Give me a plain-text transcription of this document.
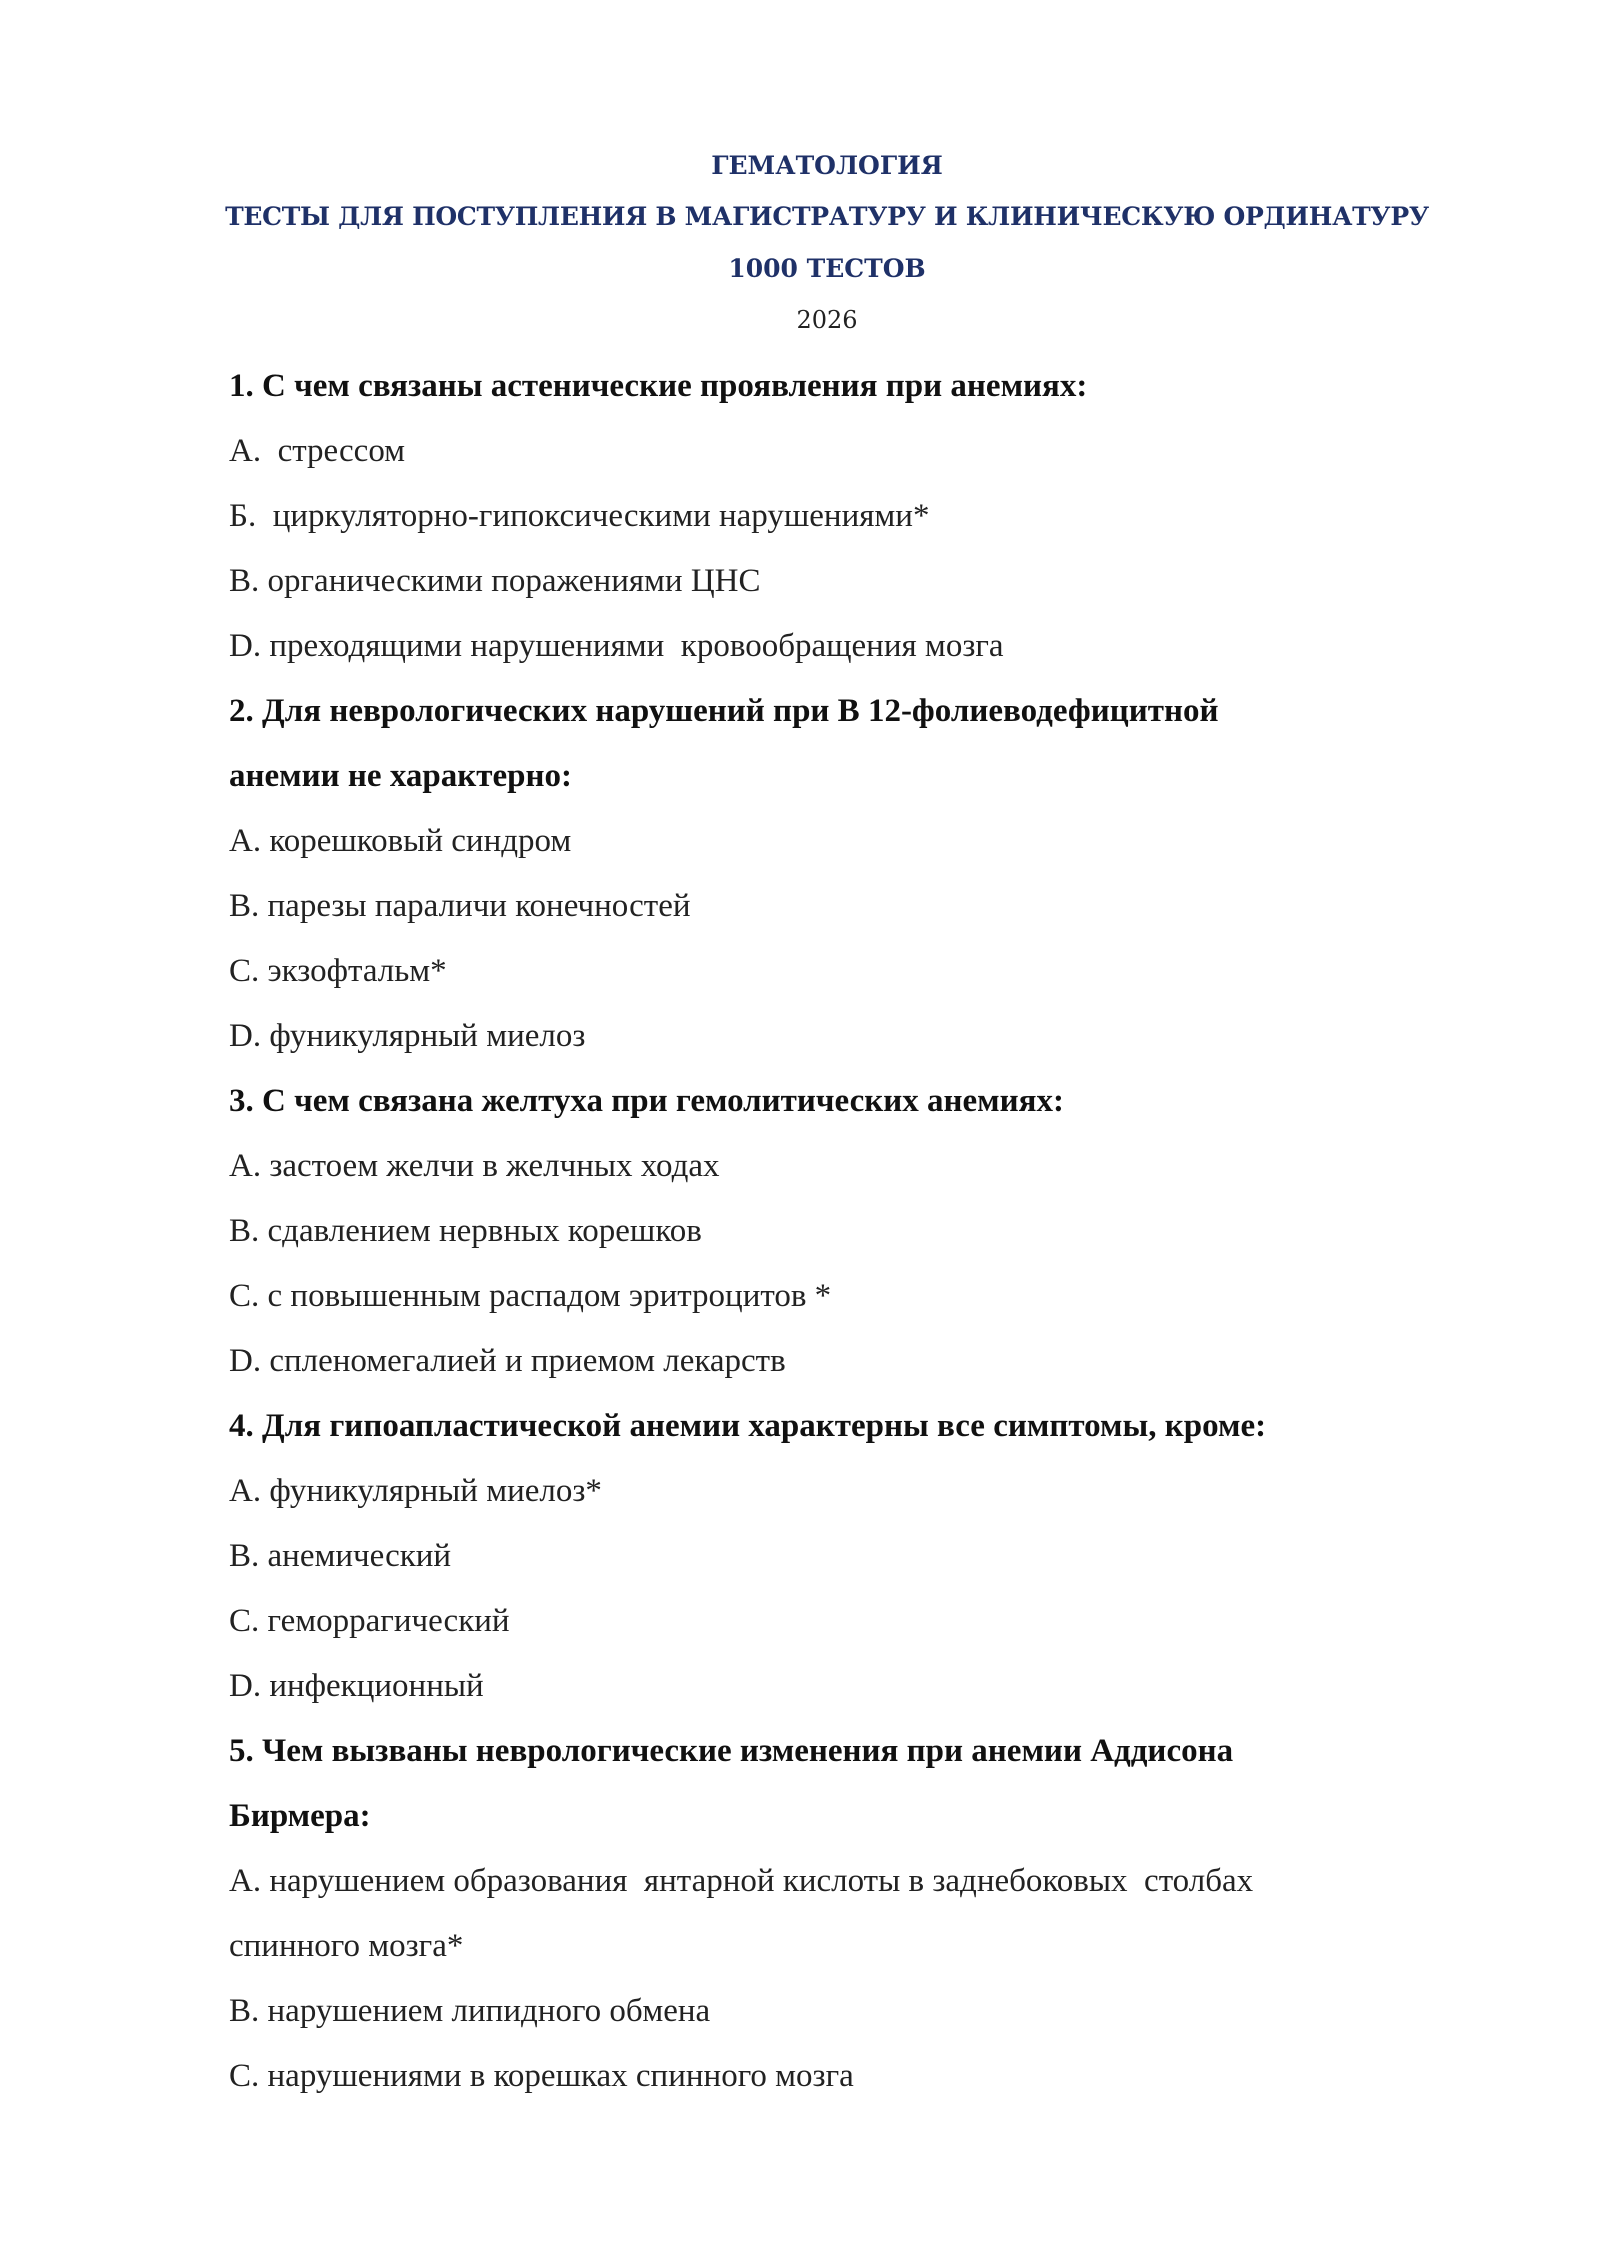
ГЕМАТОЛОГИЯ
ТЕСТЫ ДЛЯ ПОСТУПЛЕНИЯ В МАГИСТРАТУРУ И КЛИНИЧЕСКУЮ ОРДИНАТУРУ
1000 ТЕСТОВ
2026

1. С чем связаны астенические проявления при анемиях:

А.  стрессом

Б.  циркуляторно-гипоксическими нарушениями*

В. органическими поражениями ЦНС

D. преходящими нарушениями  кровообращения мозга

2. Для неврологических нарушений при В 12-фолиеводефицитной

анемии не характерно:

A. корешковый синдром

B. парезы параличи конечностей

C. экзофтальм*

D. фуникулярный миелоз

3. С чем связана желтуха при гемолитических анемиях:

A. застоем желчи в желчных ходах

B. сдавлением нервных корешков

C. с повышенным распадом эритроцитов *

D. спленомегалией и приемом лекарств

4. Для гипоапластической анемии характерны все симптомы, кроме:

A. фуникулярный миелоз*

B. анемический

C. геморрагический

D. инфекционный

5. Чем вызваны неврологические изменения при анемии Аддисона

Бирмера:

A. нарушением образования  янтарной кислоты в заднебоковых  столбах

спинного мозга*

B. нарушением липидного обмена

C. нарушениями в корешках спинного мозга
